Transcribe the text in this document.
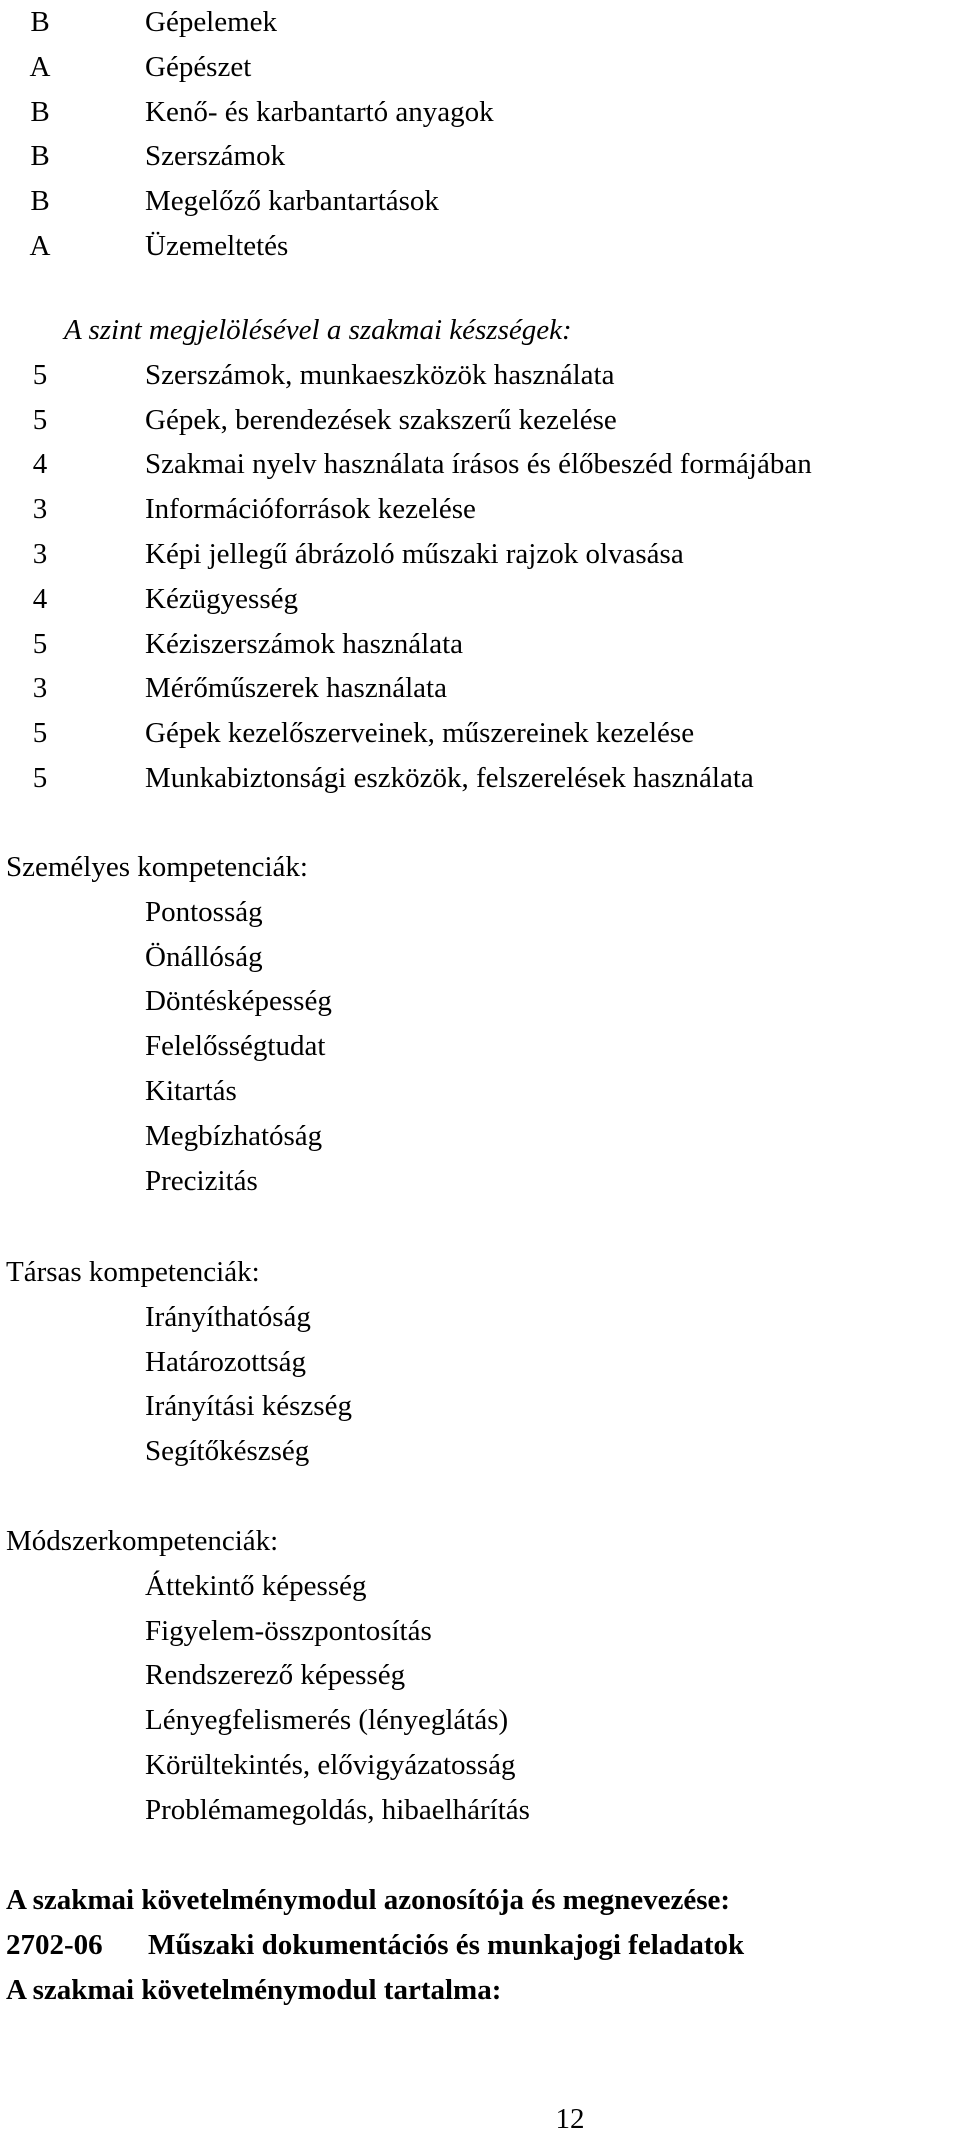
B	Gépelemek
A	Gépészet
B	Kenő- és karbantartó anyagok
B	Szerszámok
B	Megelőző karbantartások
A	Üzemeltetés
A szint megjelölésével a szakmai készségek:
5	Szerszámok, munkaeszközök használata
5	Gépek, berendezések szakszerű kezelése
4	Szakmai nyelv használata írásos és élőbeszéd formájában
3	Információforrások kezelése
3	Képi jellegű ábrázoló műszaki rajzok olvasása
4	Kézügyesség
5	Kéziszerszámok használata
3	Mérőműszerek használata
5	Gépek kezelőszerveinek, műszereinek kezelése
5	Munkabiztonsági eszközök, felszerelések használata
Személyes kompetenciák:
Pontosság
Önállóság
Döntésképesség
Felelősségtudat
Kitartás
Megbízhatóság
Precizitás
Társas kompetenciák:
Irányíthatóság
Határozottság
Irányítási készség
Segítőkészség
Módszerkompetenciák:
Áttekintő képesség
Figyelem-összpontosítás
Rendszerező képesség
Lényegfelismerés (lényeglátás)
Körültekintés, elővigyázatosság
Problémamegoldás, hibaelhárítás
A szakmai követelménymodul azonosítója és megnevezése:
2702-06 Műszaki dokumentációs és munkajogi feladatok
A szakmai követelménymodul tartalma:
12
